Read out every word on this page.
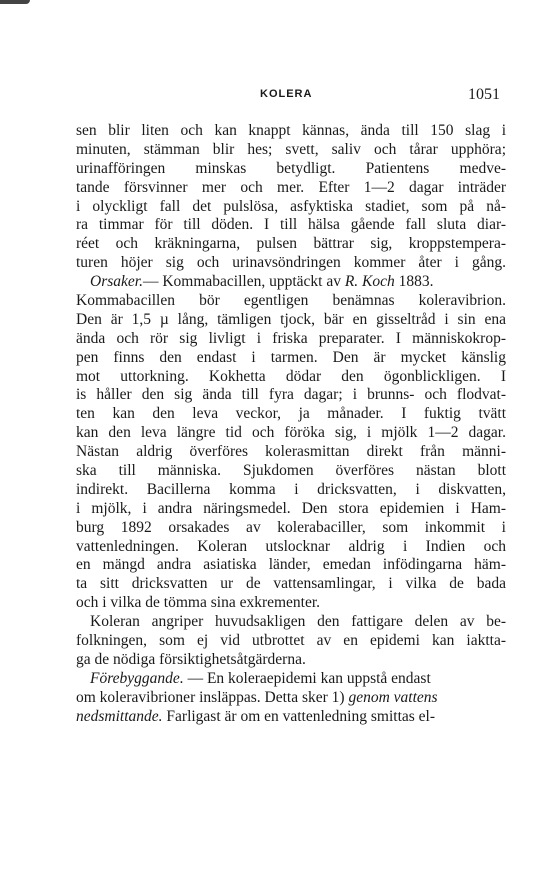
KOLERA	1051
sen blir liten och kan knappt kännas, ända till 150 slag i
minuten, stämman blir hes; svett, saliv och tårar upphöra;
urinafföringen minskas betydligt. Patientens medve-
tande försvinner mer och mer. Efter 1—2 dagar inträder
i olyckligt fall det pulslösa, asfyktiska stadiet, som på nå-
ra timmar för till döden. I till hälsa gående fall sluta diar-
réet och kräkningarna, pulsen bättrar sig, kroppstempera-
turen höjer sig och urinavsöndringen kommer åter i gång.
Orsaker.— Kommabacillen, upptäckt av R. Koch 1883.
Kommabacillen bör egentligen benämnas koleravibrion.
Den är 1,5 µ lång, tämligen tjock, bär en gisseltråd i sin ena
ända och rör sig livligt i friska preparater. I människokrop-
pen finns den endast i tarmen. Den är mycket känslig
mot uttorkning. Kokhetta dödar den ögonblickligen. I
is håller den sig ända till fyra dagar; i brunns- och flodvat-
ten kan den leva veckor, ja månader. I fuktig tvätt
kan den leva längre tid och föröka sig, i mjölk 1—2 dagar.
Nästan aldrig överföres kolerasmittan direkt från männi-
ska till människa. Sjukdomen överföres nästan blott
indirekt. Bacillerna komma i dricksvatten, i diskvatten,
i mjölk, i andra näringsmedel. Den stora epidemien i Ham-
burg 1892 orsakades av kolerabaciller, som inkommit i
vattenledningen. Koleran utslocknar aldrig i Indien och
en mängd andra asiatiska länder, emedan infödingarna häm-
ta sitt dricksvatten ur de vattensamlingar, i vilka de bada
och i vilka de tömma sina exkrementer.
Koleran angriper huvudsakligen den fattigare delen av be-
folkningen, som ej vid utbrottet av en epidemi kan iaktta-
ga de nödiga försiktighetsåtgärderna.
Förebyggande. — En koleraepidemi kan uppstå endast
om koleravibrioner insläppas. Detta sker 1) genom vattens
nedsmittande. Farligast är om en vattenledning smittas el-
